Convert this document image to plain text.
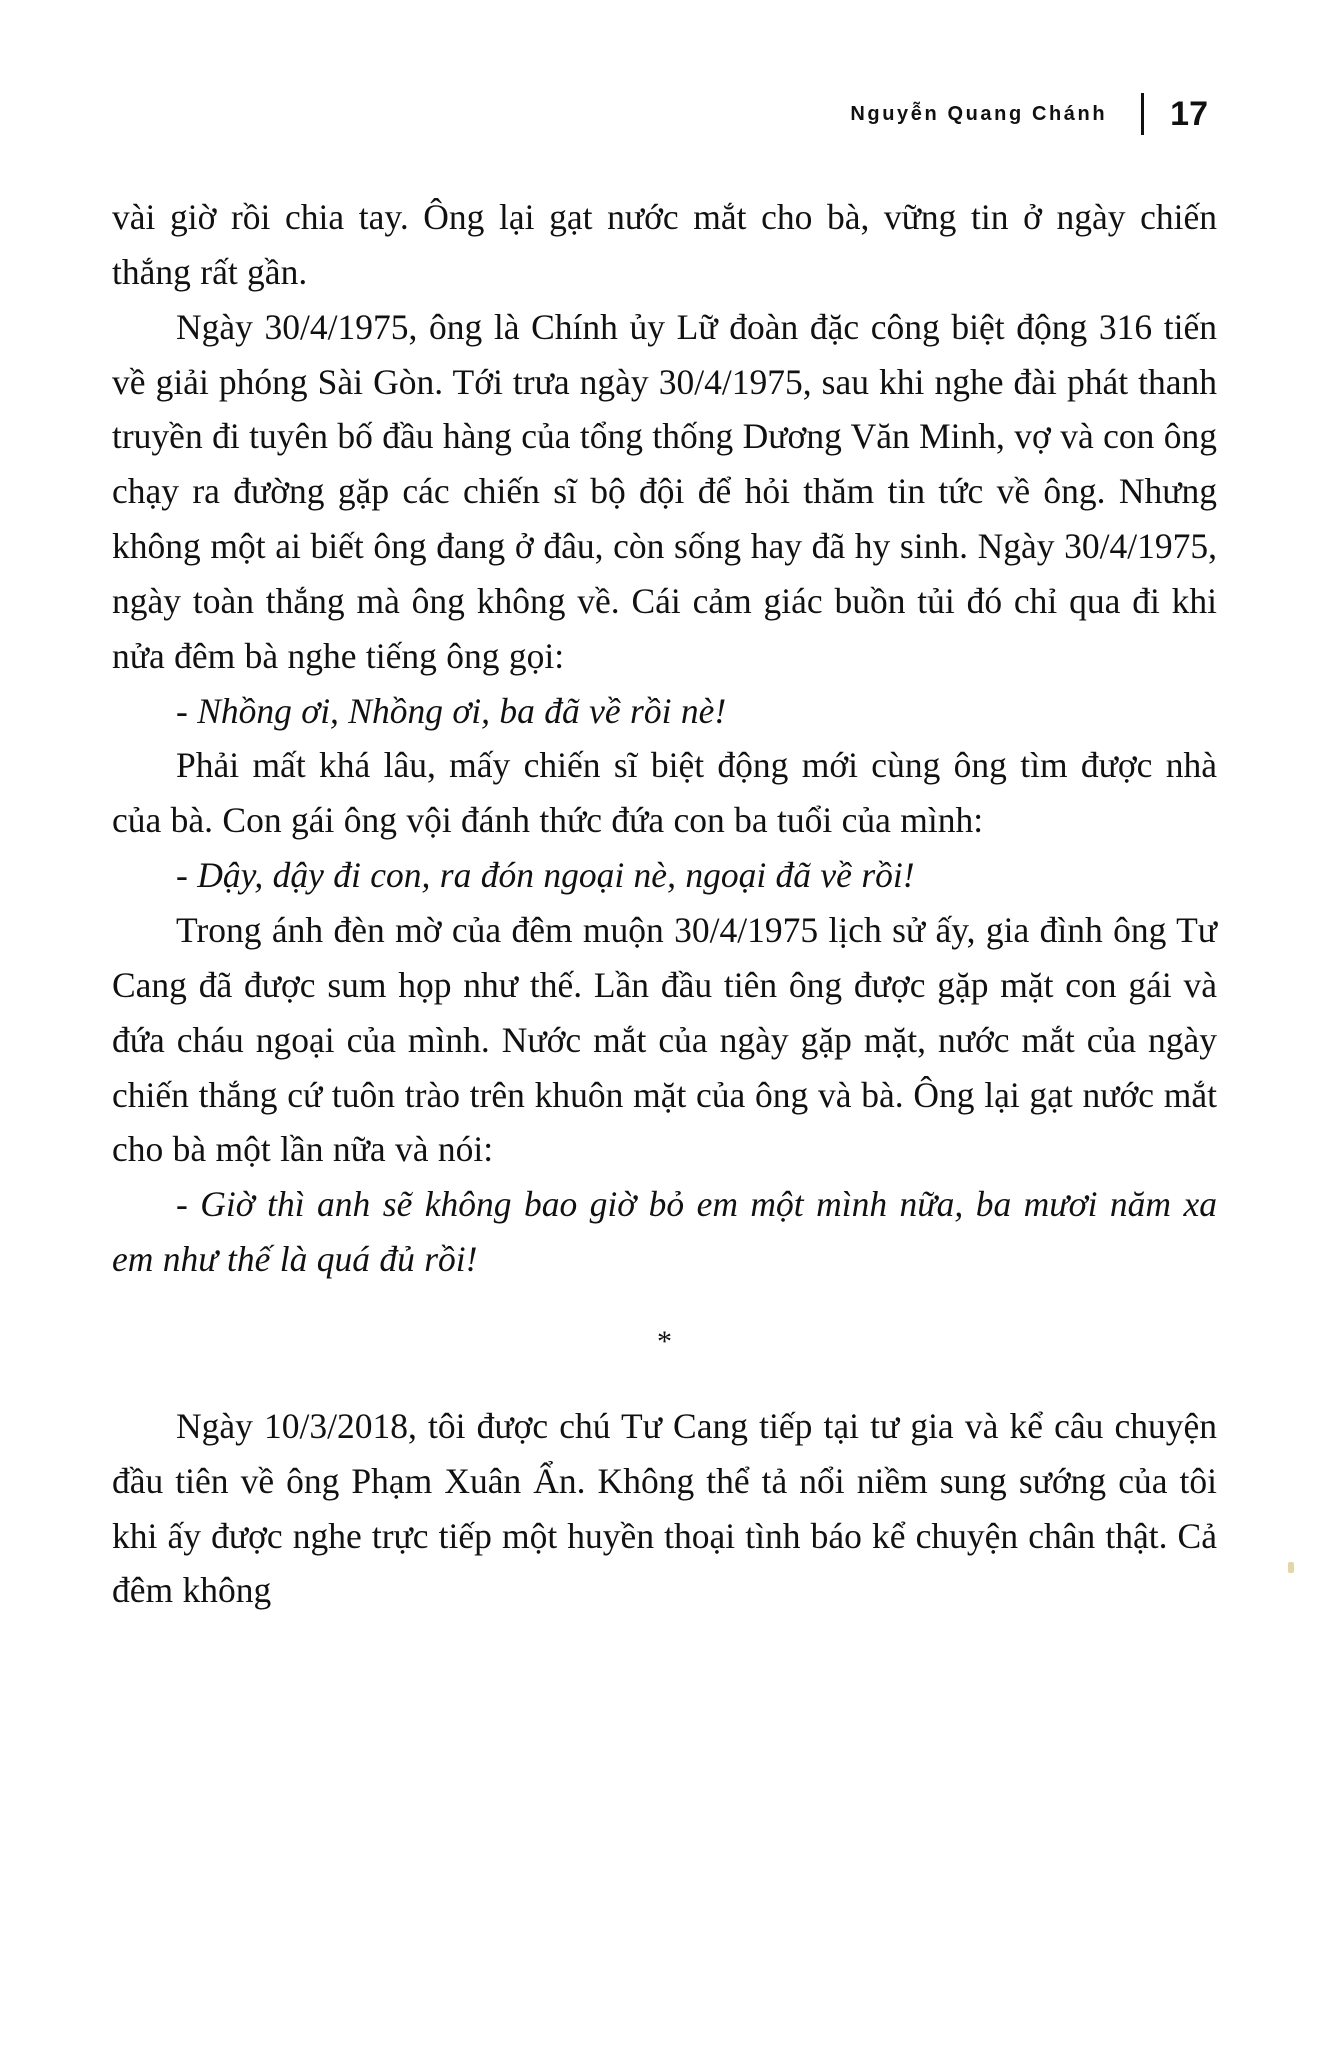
Nguyễn Quang Chánh 17

vài giờ rồi chia tay. Ông lại gạt nước mắt cho bà, vững tin ở ngày chiến thắng rất gần.

Ngày 30/4/1975, ông là Chính ủy Lữ đoàn đặc công biệt động 316 tiến về giải phóng Sài Gòn. Tới trưa ngày 30/4/1975, sau khi nghe đài phát thanh truyền đi tuyên bố đầu hàng của tổng thống Dương Văn Minh, vợ và con ông chạy ra đường gặp các chiến sĩ bộ đội để hỏi thăm tin tức về ông. Nhưng không một ai biết ông đang ở đâu, còn sống hay đã hy sinh. Ngày 30/4/1975, ngày toàn thắng mà ông không về. Cái cảm giác buồn tủi đó chỉ qua đi khi nửa đêm bà nghe tiếng ông gọi:

- Nhồng ơi, Nhồng ơi, ba đã về rồi nè!

Phải mất khá lâu, mấy chiến sĩ biệt động mới cùng ông tìm được nhà của bà. Con gái ông vội đánh thức đứa con ba tuổi của mình:

- Dậy, dậy đi con, ra đón ngoại nè, ngoại đã về rồi!

Trong ánh đèn mờ của đêm muộn 30/4/1975 lịch sử ấy, gia đình ông Tư Cang đã được sum họp như thế. Lần đầu tiên ông được gặp mặt con gái và đứa cháu ngoại của mình. Nước mắt của ngày gặp mặt, nước mắt của ngày chiến thắng cứ tuôn trào trên khuôn mặt của ông và bà. Ông lại gạt nước mắt cho bà một lần nữa và nói:

- Giờ thì anh sẽ không bao giờ bỏ em một mình nữa, ba mươi năm xa em như thế là quá đủ rồi!

*

Ngày 10/3/2018, tôi được chú Tư Cang tiếp tại tư gia và kể câu chuyện đầu tiên về ông Phạm Xuân Ẩn. Không thể tả nổi niềm sung sướng của tôi khi ấy được nghe trực tiếp một huyền thoại tình báo kể chuyện chân thật. Cả đêm không
